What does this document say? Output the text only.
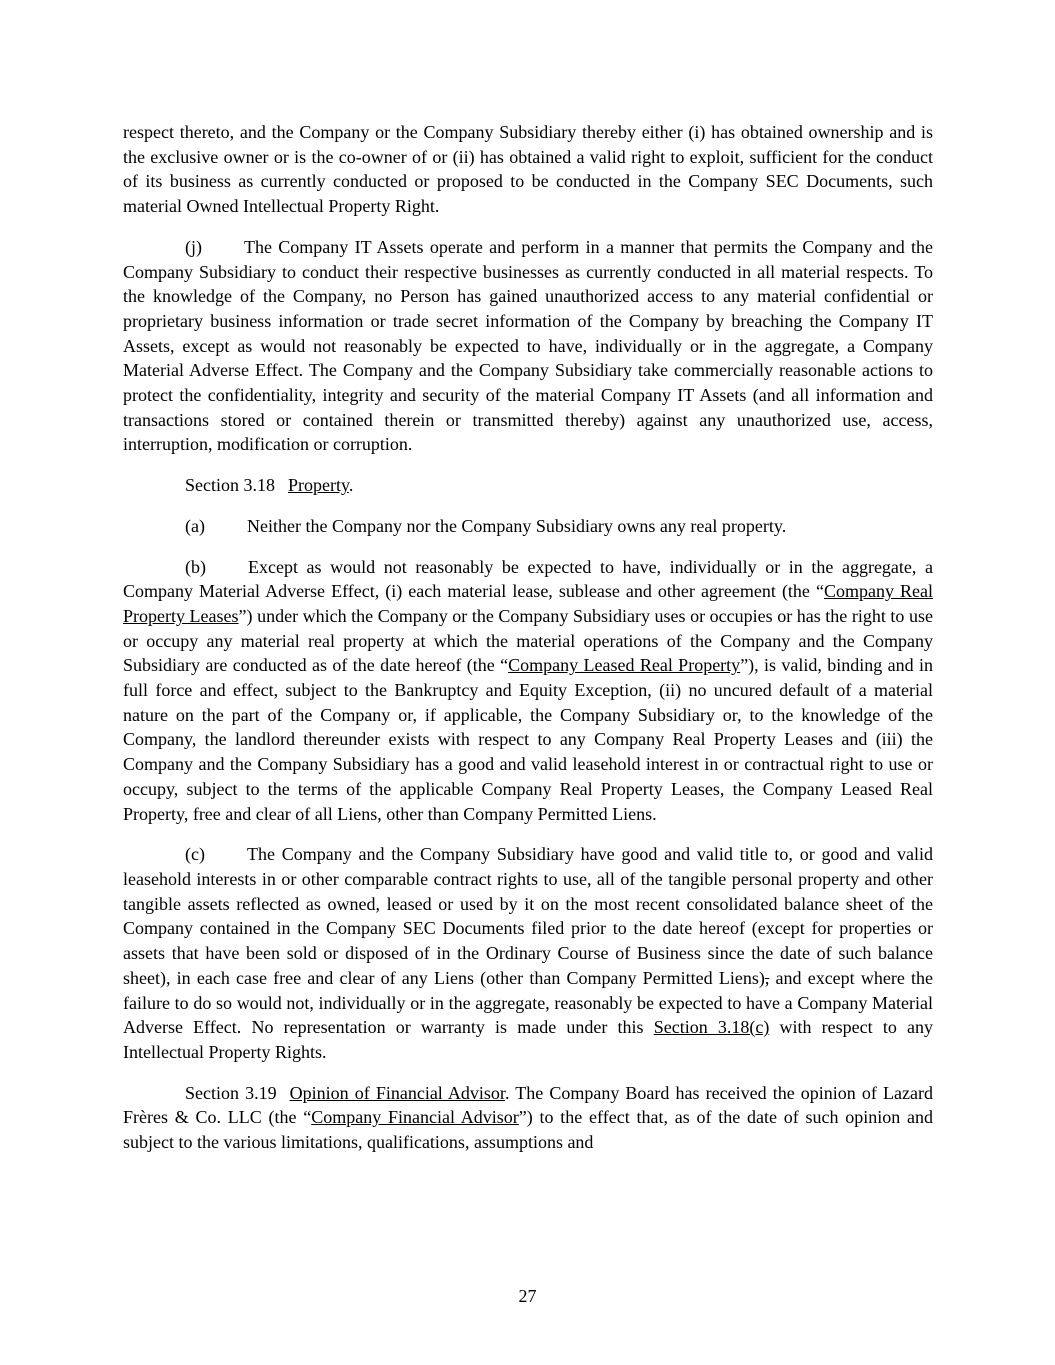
respect thereto, and the Company or the Company Subsidiary thereby either (i) has obtained ownership and is the exclusive owner or is the co-owner of or (ii) has obtained a valid right to exploit, sufficient for the conduct of its business as currently conducted or proposed to be conducted in the Company SEC Documents, such material Owned Intellectual Property Right.

(j) The Company IT Assets operate and perform in a manner that permits the Company and the Company Subsidiary to conduct their respective businesses as currently conducted in all material respects. To the knowledge of the Company, no Person has gained unauthorized access to any material confidential or proprietary business information or trade secret information of the Company by breaching the Company IT Assets, except as would not reasonably be expected to have, individually or in the aggregate, a Company Material Adverse Effect. The Company and the Company Subsidiary take commercially reasonable actions to protect the confidentiality, integrity and security of the material Company IT Assets (and all information and transactions stored or contained therein or transmitted thereby) against any unauthorized use, access, interruption, modification or corruption.

Section 3.18 Property.

(a) Neither the Company nor the Company Subsidiary owns any real property.

(b) Except as would not reasonably be expected to have, individually or in the aggregate, a Company Material Adverse Effect, (i) each material lease, sublease and other agreement (the “Company Real Property Leases”) under which the Company or the Company Subsidiary uses or occupies or has the right to use or occupy any material real property at which the material operations of the Company and the Company Subsidiary are conducted as of the date hereof (the “Company Leased Real Property”), is valid, binding and in full force and effect, subject to the Bankruptcy and Equity Exception, (ii) no uncured default of a material nature on the part of the Company or, if applicable, the Company Subsidiary or, to the knowledge of the Company, the landlord thereunder exists with respect to any Company Real Property Leases and (iii) the Company and the Company Subsidiary has a good and valid leasehold interest in or contractual right to use or occupy, subject to the terms of the applicable Company Real Property Leases, the Company Leased Real Property, free and clear of all Liens, other than Company Permitted Liens.

(c) The Company and the Company Subsidiary have good and valid title to, or good and valid leasehold interests in or other comparable contract rights to use, all of the tangible personal property and other tangible assets reflected as owned, leased or used by it on the most recent consolidated balance sheet of the Company contained in the Company SEC Documents filed prior to the date hereof (except for properties or assets that have been sold or disposed of in the Ordinary Course of Business since the date of such balance sheet), in each case free and clear of any Liens (other than Company Permitted Liens), and except where the failure to do so would not, individually or in the aggregate, reasonably be expected to have a Company Material Adverse Effect. No representation or warranty is made under this Section 3.18(c) with respect to any Intellectual Property Rights.

Section 3.19 Opinion of Financial Advisor. The Company Board has received the opinion of Lazard Frères & Co. LLC (the “Company Financial Advisor”) to the effect that, as of the date of such opinion and subject to the various limitations, qualifications, assumptions and

27
